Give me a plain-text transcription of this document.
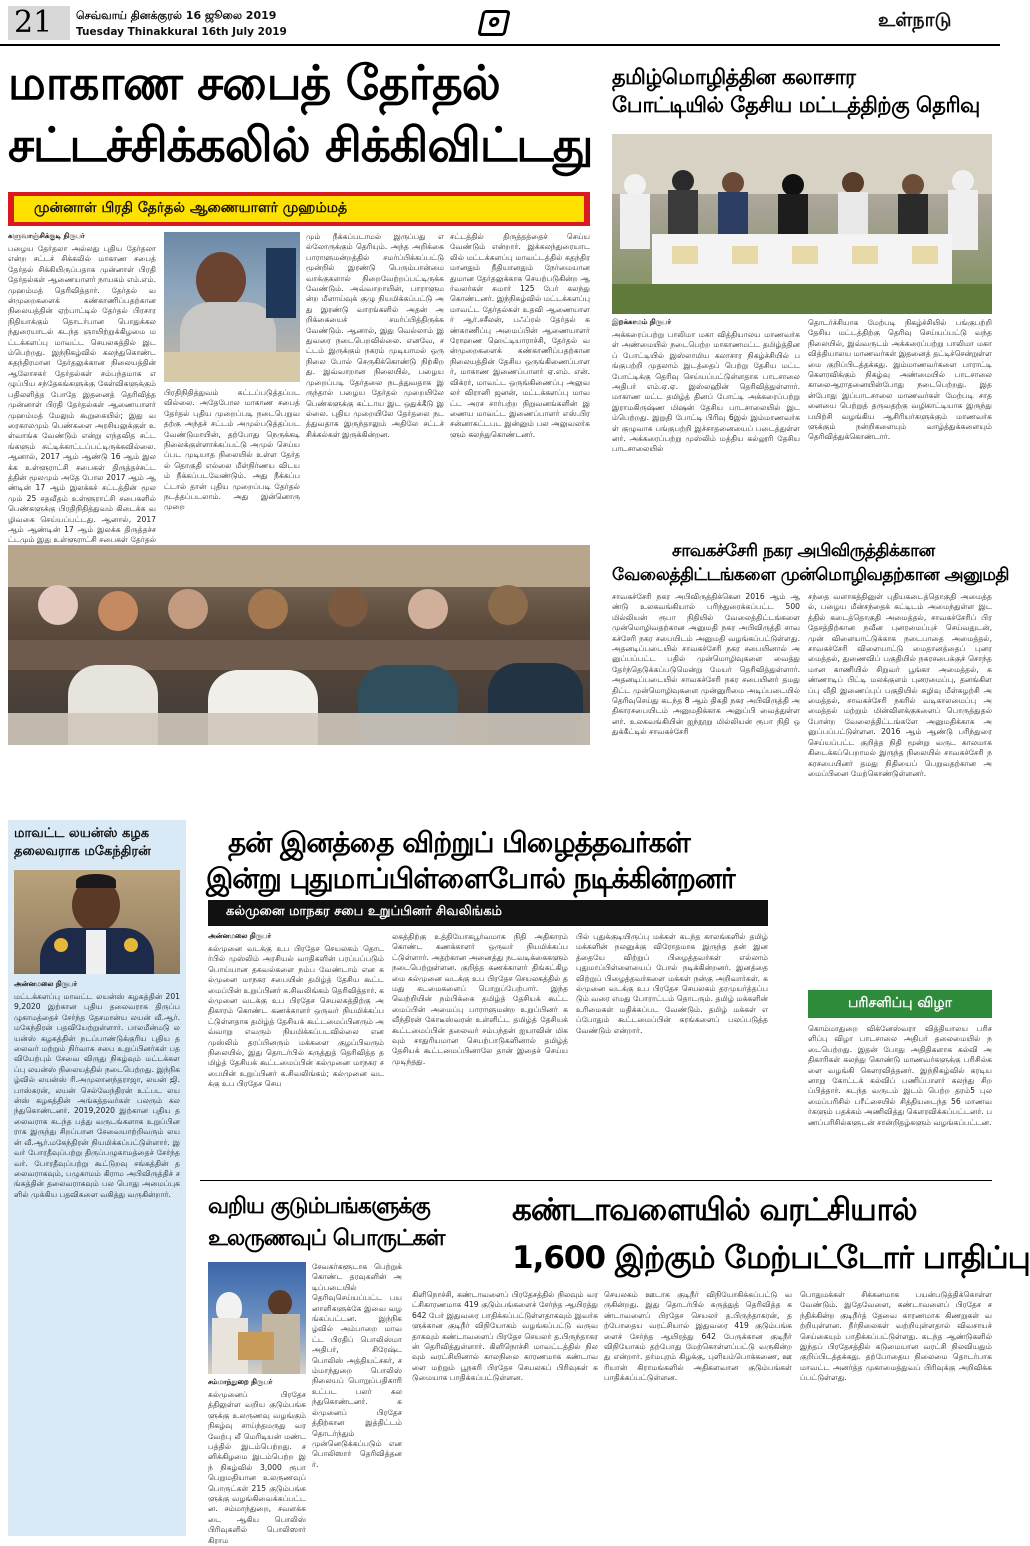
21 செவ்வாய் தினக்குரல் 16 ஜூலை 2019
Tuesday Thinakkural 16th July 2019
உள்நாடு
மாகாண சபைத் தேர்தல்
சட்டச்சிக்கலில் சிக்கிவிட்டது
முன்னாள் பிரதி தேர்தல் ஆணையாளர் முஹம்மத்
களுவாஞ்சிக்குடி நிருபர்

பழைய தேர்தலா அல்லது புதிய தேர்தலா என்ற சட்டச் சிக்கலில் மாகாண சபைத் தேர்தல் சிக்கியிருப்பதாக முன்னாள் பிரதி தேர்தல்கள் ஆணையாளர் நாயகம் எம்.எம்.முஹம்மத் தெரிவித்தார். தேர்தல் வன்முறைகளைக் கண்காணிப்பதற்கான நிலையத்தின் ஏற்பாட்டில் தேர்தல் பிரசார நிதியாக்கும் தொடர்பான பொதுக்கலந்துரையாடல் கடந்த ஞாயிற்றுக்கிழமை மட்டக்களப்பு மாவட்ட செயலகத்தில் இடம்பெற்றது. இந்நிகழ்வில் கலந்துகொண்ட சுதந்திரமான தேர்தலுக்கான நிலையத்தின் ஆலோசகர் தேர்தல்கள் சம்பந்தமாக எழுப்பிய சந்தேகங்களுக்கு கேள்விகளுக்கும் பதிலளித்த போதே இதனைத் தெரிவித்த முன்னாள் பிரதி தேர்தல்கள் ஆணையாளர் முஹம்மத் மேலும் கூறுகையில்; இது வரைகாலமும் பெண்களை அரசியலுக்குள் உள்வாங்க வேண்டும் என்று எந்தவித சட்டங்களும் சுட்டிக்காட்டப்பட்டிருக்கவில்லை. ஆனால், 2017 ஆம் ஆண்டு 16 ஆம் இலக்க உள்ளூராட்சி சபைகள் திருத்தச்சட்டத்தின் மூலமும் அதே போல 2017 ஆம் ஆண்டின் 17 ஆம் இலக்கச் சட்டத்தின் மூலமும் 25 சதவீதம் உள்ளூராட்சி சபைகளில் பெண்களுக்கு பிரதிநிதித்துவம் கிடைக்க வழிவகை செய்யப்பட்டது. ஆனால், 2017 ஆம் ஆண்டின் 17 ஆம் இலக்க திருத்தச்சட்டமும் இது உள்ளூராட்சி சபைகள் தேர்தல்

பிரதிநிதித்துவம் சுட்டப்படுத்தப்படவில்லை. அதேபோல மாகாண சபைத் தேர்தல் புதிய முறைப்படி நடைபெறுவதற்கு அந்தச் சட்டம் அமுல்படுத்தப்பட வேண்டுமாயின், தற்போது நெருக்கடி நிலைக்குள்ளாக்கப்பட்டு அமுல் செய்யப்பட முடியாத நிலையில் உள்ள தேர்தல் தொகுதி எல்லை மீள்நிர்ணய விடயம் நீக்கப்படவேண்டும். அது நீக்கப்பட்டால் தான் புதிய முறைப்படி தேர்தல் நடத்தப்படலாம். அது இன்னொரு முறை

மும் நீக்கப்படாமல் இருப்பது எல்லோருக்கும் தெரியும். அந்த அறிக்கை பாராளுமன்றத்தில் சமர்ப்பிக்கப்பட்டு மூன்றில் இரண்டு பெரும்பான்மை வாக்குகளால் நிறைவேற்றப்பட்டிருக்க வேண்டும். அவ்வாறாயின், பாராளுமன்ற மீளாய்வுக் குழு நியமிக்கப்பட்டு அது இரண்டு வாரங்களில் அதன் அறிக்கையைச் சமர்ப்பித்திருக்க வேண்டும். ஆனால், இது வெல்லாம் இதுவரை நடைபெறவில்லை. எனவே, சட்டம் இருக்கும் நகரம் முடியாமல் ஒரு நிலை போல் செருகிக்கொண்டு நிற்கிறது. இவ்வாறான நிலையில், பழைய முறைப்படி தேர்தலை நடத்துவதாக இருந்தால் பழைய தேர்தல் முறையிலே பெண்களுக்கு கட்டாய இட ஒதுக்கீடு இல்லை. புதிய முறையிலே தேர்தலை நடத்துவதாக இருந்தாலும் அதிலே சட்டச் சிக்கல்கள் இருக்கின்றன.

சட்டத்தில் திருத்தத்தைச் செய்ய வேண்டும் என்றார். இக்கலந்துரையாடலில் மட்டக்களப்பு மாவட்டத்தில் சுதந்திரமானதும் நீதியானதும் நேர்மையானதுமான தேர்தலுக்காக செயற்படுகின்ற ஆர்வலர்கள் சுமார் 125 பேர் கலந்து கொண்டனர். இந்நிகழ்வில் மட்டக்களப்பு மாவட்ட தேர்தல்கள் உதவி ஆணையாளர் ஆர்.சசீலன், பஃப்ரல் தேர்தல் கண்காணிப்பு அமைப்பின் ஆணையாளர் ரோஹண ஹெட்டியாராச்சி, தேர்தல் வன்முறைகளைக் கண்காணிப்பதற்கான நிலையத்தின் தேசிய ஒருங்கிணைப்பாளர், மாகாண இணைப்பாளர் ஏ.எம். என்.விக்ரர், மாவட்ட ஒருங்கிணைப்பு அலுவலர் விரானி ஜனன், மட்டக்களப்பு மாவட்ட அரச சார்பற்ற நிறுவனங்களின் இணைய மாவட்ட இணைப்பாளர் எஸ்.பிரசன்னாசுட்டபட இன்னும் பல அலுவலர்களும் கலந்துகொண்டனர்.

தமிழ்மொழித்தின கலாசார
போட்டியில் தேசிய மட்டத்திற்கு தெரிவு
இறக்காமம் நிருபர்

அக்கரைப்பற்று பாலிமா மகா வித்தியாலய மாணவர்கள் அண்மையில் நடைபெற்ற மாகாணமட்ட தமிழ்த்தினப் போட்டியில் இஸ்லாமிய கலாசார நிகழ்ச்சியில் பங்குபற்றி முதலாம் இடத்தைப் பெற்று தேசிய மட்ட போட்டிக்கு தெரிவு செய்யப்பட்டுள்ளதாக பாடசாலை அதிபர் எம்.ஏ.ஏ. இஸ்லஹின் தெரிவித்துள்ளார். மாகாண மட்ட தமிழ்த் தினப் போட்டி அக்கரைப்பற்று இராமகிருஷ்ண மிஷன் தேசிய பாடசாலையில் இடம்பெற்றது. இறுதி போட்டி பிரிவு 6இல் இம்மாணவர்கள் குழுவாக பங்குபற்றி இச்சாதனையைப் படைத்துள்ளனர். அக்கரைப்பற்று முஸ்லிம் மத்திய கல்லூரி தேசிய பாடசாலையில்

தொடர்ச்சியாக மேற்படி நிகழ்ச்சியில் பங்குபற்றி தேசிய மட்டத்திற்கு தெரிவு செய்யப்பட்டு வந்த நிலையில், இவ்வருடம் அக்கரைப்பற்று பாலிமா மகா வித்தியாலய மாணவர்கள் இதனைத் தட்டிச்சென்றுள்ளமை குறிப்பிடத்தக்கது. இம்மாணவர்களை பாராட்டி கௌரவிக்கும் நிகழ்வு அண்மையில் பாடசாலை காலைஆராதனையின்போது நடைபெற்றது. இதன்போது இப்பாடசாலை மாணவர்கள் மேற்படி சாதனையை பெற்றுத் தருவதற்கு வழிகாட்டியாக இருந்து பயிற்சி வழங்கிய ஆசிரியர்களுக்கும் மாணவர்களுக்கும் நன்றிகளையும் வாழ்த்துக்களையும் தெரிவித்துக்கொண்டார்.

சாவகச்சேரி நகர அபிவிருத்திக்கான
வேலைத்திட்டங்களை முன்மொழிவதற்கான அனுமதி

சாவகச்சேரி நகர அபிவிருத்திக்கென 2016 ஆம் ஆண்டு உலகவங்கியால் பரிந்துரைக்கப்பட்ட 500 மில்லியன் ரூபா நிதியில் வேலைத்திட்டங்களை முன்மொழிவதற்கான அனுமதி நகர அபிவிருத்தி சாவகச்சேரி நகர சபையிடம் அனுமதி வழங்கப்பட்டுள்ளது. அதனடிப்படையில் சாவகச்சேரி நகர சபையினால் அனுப்பப்பட்ட பதில் முன்மொழிவுகளை வைத்து தேர்ந்தெடுக்கப்படுமென்று மேயர் தெரிவித்துள்ளார். அதனடிப்படையில் சாவகச்சேரி நகர சபையினர் தமது திட்ட முன்மொழிவுகளை முன்னுரிமை அடிப்படையில் தெரிவுசெய்து கடந்த 8 ஆம் திகதி நகர அபிவிருத்தி அதிகாரசபையிடம் அனுமதிக்காக அனுப்பி வைத்துள்ளனர். உலகவங்கியின் ஐந்நூறு மில்லியன் ரூபா நிதி ஒதுக்கீட்டில் சாவகச்சேரி

சந்தை வளாகத்தினுள் புதியகடைத்தொகுதி அமைத்தல், பழைய மீன்சந்தைக் கட்டிடம் அமைந்துள்ள இடத்தில் கடைத்தொகுதி அமைத்தல், சாவகச்சேரிப் பிரதேசத்திற்கான நவீன புனரமைப்புச் செய்வதுடன், முன் விளையாட்டுக்காக நடைபாதை அமைத்தல், சாவகச்சேரி விளையாட்டு மைதானத்தைப் புனரமைத்தல், துணைவிப் பகுதியில் நகரசபைக்குச் சொந்தமான காணியில் சிறுவர் பூங்கா அமைத்தல், கண்ணாடிப் பிட்டி மலக்குளம் புனரமைப்பு, தனங்கிளப்பு வீதி இணைப்புப் பகுதியில் கழிவு மீள்சுழற்சி அமைத்தல், சாவகச்சேரி நகரில் வடிகாலமைப்பு அமைத்தல் மற்றும் மின்விளக்குகளைப் பொருத்துதல் போன்ற வேலைத்திட்டங்களே அனுமதிக்காக அனுப்பப்பட்டுள்ளன. 2016 ஆம் ஆண்டு பரிந்துரை செய்யப்பட்ட குறித்த நிதி மூன்று வருட காலமாக கிடைக்கப்பெறாமல் இருந்த நிலையில் சாவகச்சேரி நகரசபையினர் தமது நிதியைப் பெறுவதற்கான அமைப்பினை மேற்கொண்டுள்ளனர்.

மாவட்ட லயன்ஸ் கழக
தலைவராக மகேந்திரன்
அன்னமலை நிருபர்

மட்டக்களப்பு மாவட்ட லயன்ஸ் கழகத்தின் 2019,2020 இற்கான புதிய தலைவராக திருப்பழுகாமத்தைச் சேர்ந்த தேசமான்ய லயன் வீ.ஆர்.மகேந்திரன் பதவியேற்றுள்ளார். பாலமீன்மடு லயன்ஸ் கழகத்தின் நடப்பாண்டுக்குரிய புதிய தலைவர் மற்றும் நிர்வாக சபை உறுப்பினர்கள் பதவியேற்பும் சேவை விருது நிகழ்வும் மட்டக்களப்பு லயன்ஸ் நிலையத்தில் நடைபெற்றது. இந்நிகழ்வில் லயன்ஸ் ரி.அமுலானந்தராஜா, லயன் ஜி.பாஸ்கரன், லயன் செல்வேந்திரன் உட்பட லயன்ஸ் கழகத்தின் அங்கத்தவர்கள் பலரும் கலந்துகொண்டனர். 2019,2020 இற்கான புதிய தலைவராக கடந்த பத்து வருடங்களாக உறுப்பினராக இருந்து சிறப்பான சேவையாற்றிவரும் லயன் வீ.ஆர்.மகேந்திரன் நியமிக்கப்பட்டுள்ளார். இவர் போரதீவுப்பற்று திருப்பழுகாமத்தைச் சேர்ந்தவர். போரதீவுப்பற்று கூட்டுறவு சங்கத்தின் தலைவராகவும், பழுகாமம் கிராம அபிவிருத்திச் சங்கத்தின் தலைவராகவும் பல பொது அமைப்புகளில் முக்கிய பதவிகளை வகித்து வருகின்றார்.

தன் இனத்தை விற்றுப் பிழைத்தவர்கள்
இன்று புதுமாப்பிள்ளைபோல் நடிக்கின்றனர்
கல்முனை மாநகர சபை உறுப்பினர் சிவலிங்கம்
அன்னமலை நிருபர்

கல்முனை வடக்கு உப பிரதேச செயலகம் தொடர்பில் முஸ்லிம் அரசியல் வாதிகளின் பரப்பப்படும் பொய்யான தகவல்களை நம்ப வேண்டாம் என கல்முனை மாநகர சபையின் தமிழ்த் தேசிய கூட்டமைப்பின் உறுப்பினர் க.சிவலிங்கம் தெரிவித்தார். கல்முனை வடக்கு உப பிரதேச செயலகத்திற்கு அதிகாரம் கொண்ட கணக்காளர் ஒருவர் நியமிக்கப்பட்டுள்ளதாக தமிழ்த் தேசியக் கூட்டமைப்பினரும் அவ்வாறு எவரும் நியமிக்கப்படவில்லை என முஸ்லிம் தரப்பினரும் மக்களை குழப்பிவரும் நிலையில், இது தொடர்பில் கருத்துத் தெரிவித்த தமிழ்த் தேசியக் கூட்டமைப்பின் கல்முனை மாநகர சபையின் உறுப்பினர் க.சிவலிங்கம்; கல்முனை வடக்கு உப பிரதேச செய

லகத்திற்கு உத்தியோகபூர்வமாக நிதி அதிகாரம் கொண்ட கணக்காளர் ஒருவர் நியமிக்கப்பட்டுள்ளார். அதற்கான அனைத்து நடவடிக்கைகளும் நடைபெற்றுள்ளன. குறித்த கணக்காளர் திங்கட்கிழமை கல்முனை வடக்கு உப பிரதேச செயலகத்தில் தமது கடமைகளைப் பொறுப்பேற்பார். இந்த வெற்றியின் நம்பிக்கை தமிழ்த் தேசியக் கூட்டமைப்பின் அமைப்பு பாராளுமன்ற உறுப்பினர் கவீந்திரன் கோடீஸ்வரன் உள்ளிட்ட தமிழ்த் தேசியக் கூட்டமைப்பின் தலைவர் சம்பந்தன் ஐயாவின் மிக வும் சாதுரியமான செயற்பாடுகளினால் தமிழ்த் தேசியக் கூட்டமைப்பினாலே தான் இதைச் செய்ய முடிந்தது.

பில் புதுக்குடியிருப்பு மக்கள் கடந்த காலங்களில் தமிழ் மக்களின் நலனுக்கு விரோதமாக இருந்த தன் இனத்தையே விற்றுப் பிழைத்தவர்கள் எல்லாம் புதுமாப்பிள்ளையைப் போல் நடிக்கின்றனர். இனத்தை விற்றுப் பிழைத்தவர்களை மக்கள் நன்கு அறிவார்கள். கல்முனை வடக்கு உப பிரதேச செயலகம் தரமுயர்த்தப்படும் வரை எமது போராட்டம் தொடரும். தமிழ் மக்களின் உரிமைகள் மதிக்கப்பட வேண்டும். தமிழ் மக்கள் எப்போதும் கூட்டமைப்பின் கரங்களைப் பலப்படுத்த வேண்டும் என்றார்.

பரிசளிப்பு விழா

கொம்மாதுறை விக்னேஸ்வரா வித்தியாலய பரிசளிப்பு விழா பாடசாலை அதிபர் தலைமையில் நடைபெற்றது. இதன் போது அதிதிகளாக கல்வி அதிகாரிகள் கலந்து கொண்டு மாணவர்களுக்கு பரிசில்களை வழங்கி கௌரவித்தனர். இந்நிகழ்வில் கரடியனாறு கோட்டக் கல்விப் பணிப்பாளர் கலந்து சிறப்பித்தார். கடந்த வருடம் இடம் பெற்ற தரம்5 புலமைப்பரிசில் பரீட்சையில் சித்தியடைந்த 56 மாணவர்களும் பதக்கம் அணிவித்து கௌரவிக்கப்பட்டனர். பணப்பரிசில்களுடன் சான்றிதழ்களும் வழங்கப்பட்டன.

வறிய குடும்பங்களுக்கு
உலருணவுப் பொருட்கள்
சம்மாந்துறை நிருபர்

கல்முனைப் பிரதேசத்திலுள்ள வறிய குடும்பங்களுக்கு உலருணவு வழங்கும் நிகழ்வு சாய்ந்தமருது வரவேற்பு லீ மெரிடியன் மண்டபத்தில் இடம்பெற்றது. சனிக்கிழமை இடம்பெற்ற இந் நிகழ்வில் 3,000 ரூபா பெறுமதியான உலருணவுப் பொருட்கள் 215 குடும்பங்களுக்கு வழங்கிவைக்கப்பட்டன. சம்மாந்துறை, சவளக்கடை ஆகிய பொலிஸ் பிரிவுகளில் பொலிஸார் கிராம

சேவகர்களூடாக பெற்றுக் கொண்ட தரவுகளின் அடிப்படையில் தெரிவுசெய்யப்பட்ட பயனாளிகளுக்கே இவை வழங்கப்பட்டன. இந்நிகழ்வில் அம்பாறை மாவட்ட பிரதிப் பொலிஸ்மா அதிபர், சிரேஷ்ட பொலிஸ் அத்தியட்சகர், சம்மாந்துறை பொலிஸ் நிலையப் பொறுப்பதிகாரி உட்பட பலர் கலந்துகொண்டனர். கல்முனைப் பிரதேசத்திற்கான இத்திட்டம் தொடர்ந்தும் முன்னெடுக்கப்படும் என பொலிஸார் தெரிவித்தனர்.

கண்டாவளையில் வரட்சியால்
1,600 இற்கும் மேற்பட்டோர் பாதிப்பு

கிளிநொச்சி, கண்டாவளைப் பிரதேசத்தில் நிலவும் வரட்சிகாரணமாக 419 குடும்பங்களைச் சேர்ந்த ஆயிரத்து 642 பேர் இதுவரை பாதிக்கப்பட்டுள்ளதாகவும் இவர்களுக்கான குடிநீர் விநியோகம் வழங்கப்பட்டு வருவதாகவும் கண்டாவளைப் பிரதேச செயலர் த.பிருந்தாகரன் தெரிவித்துள்ளார். கிளிநொச்சி மாவட்டத்தில் நிலவும் வரட்சியினால் காலநிலை காரணமாக கண்டாவளை மற்றும் பூநகரி பிரதேச செயலகப் பிரிவுகள் கடுமையாக பாதிக்கப்பட்டுள்ளன.

செயலகம் ஊடாக குடிநீர் விநியோகிக்கப்பட்டு வருகின்றது. இது தொடர்பில் கருத்துத் தெரிவித்த கண்டாவளைப் பிரதேச செயலர் த.பிருந்தாகரன், தற்போதைய வரட்சியால் இதுவரை 419 குடும்பங்களைச் சேர்ந்த ஆயிரத்து 642 பேருக்கான குடிநீர் விநியோகம் தற்போது மேற்கொள்ளப்பட்டு வருகின்றது என்றார். தர்மபுரம் கிழக்கு, புளியம்பொக்கணை, ஊரியான் கிராமங்களில் அதிகளவான குடும்பங்கள் பாதிக்கப்பட்டுள்ளன.

பொதுமக்கள் சிக்கனமாக பயன்படுத்திக்கொள்ள வேண்டும். இதேவேளை, கண்டாவளைப் பிரதேச சந்திக்கின்ற குடிநீர்த் தேவை காரணமாக கிணறுகள் வற்றியுள்ளன. நீர்நிலைகள் வற்றியுள்ளதால் விவசாயச் செய்கையும் பாதிக்கப்பட்டுள்ளது. கடந்த ஆண்டுகளில் இந்தப் பிரதேசத்தில் கடுமையான வரட்சி நிலவியதும் குறிப்பிடத்தக்கது. தற்போதைய நிலைமை தொடர்பாக மாவட்ட அனர்த்த முகாமைத்துவப் பிரிவுக்கு அறிவிக்கப்பட்டுள்ளது.
